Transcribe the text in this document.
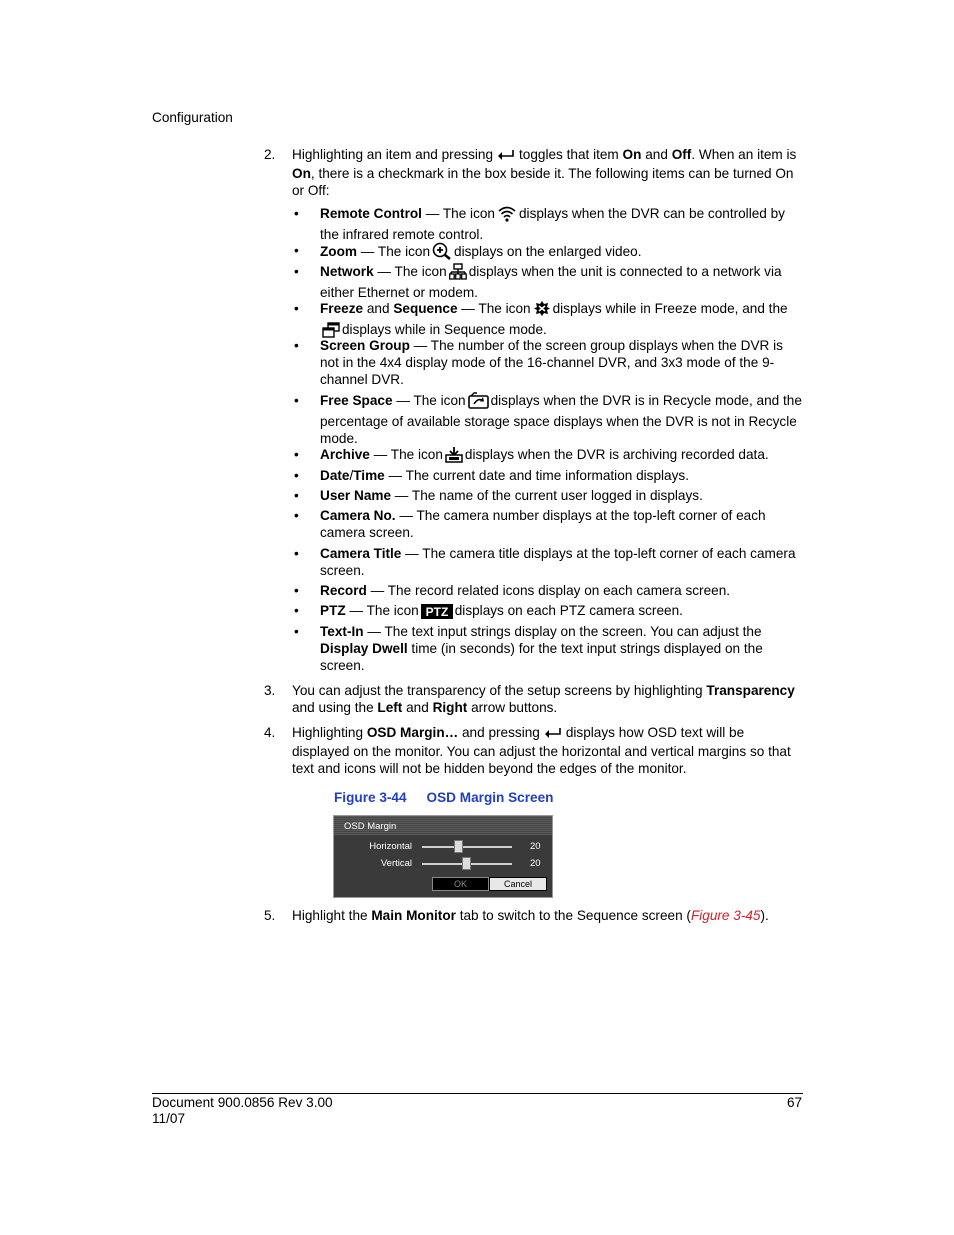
Configuration
2. Highlighting an item and pressing toggles that item On and Off. When an item is On, there is a checkmark in the box beside it. The following items can be turned On or Off:
• Remote Control — The icon displays when the DVR can be controlled by the infrared remote control.
• Zoom — The icon displays on the enlarged video.
• Network — The icon displays when the unit is connected to a network via either Ethernet or modem.
• Freeze and Sequence — The icon displays while in Freeze mode, and thedisplays while in Sequence mode.
• Screen Group — The number of the screen group displays when the DVR is not in the 4x4 display mode of the 16-channel DVR, and 3x3 mode of the 9-channel DVR.
• Free Space — The icon displays when the DVR is in Recycle mode, and the percentage of available storage space displays when the DVR is not in Recycle mode.
• Archive — The icon displays when the DVR is archiving recorded data.
• Date/Time — The current date and time information displays.
• User Name — The name of the current user logged in displays.
• Camera No. — The camera number displays at the top-left corner of each camera screen.
• Camera Title — The camera title displays at the top-left corner of each camera screen.
• Record — The record related icons display on each camera screen.
• PTZ — The icon PTZ displays on each PTZ camera screen.
• Text-In — The text input strings display on the screen. You can adjust the Display Dwell time (in seconds) for the text input strings displayed on the screen.
3. You can adjust the transparency of the setup screens by highlighting Transparency and using the Left and Right arrow buttons.
4. Highlighting OSD Margin… and pressing displays how OSD text will be displayed on the monitor. You can adjust the horizontal and vertical margins so that text and icons will not be hidden beyond the edges of the monitor.
Figure 3-44 OSD Margin Screen
OSD Margin
Horizontal	20
Vertical	20
OK	Cancel
5. Highlight the Main Monitor tab to switch to the Sequence screen (Figure 3-45).
Document 900.0856 Rev 3.00
11/07
67
